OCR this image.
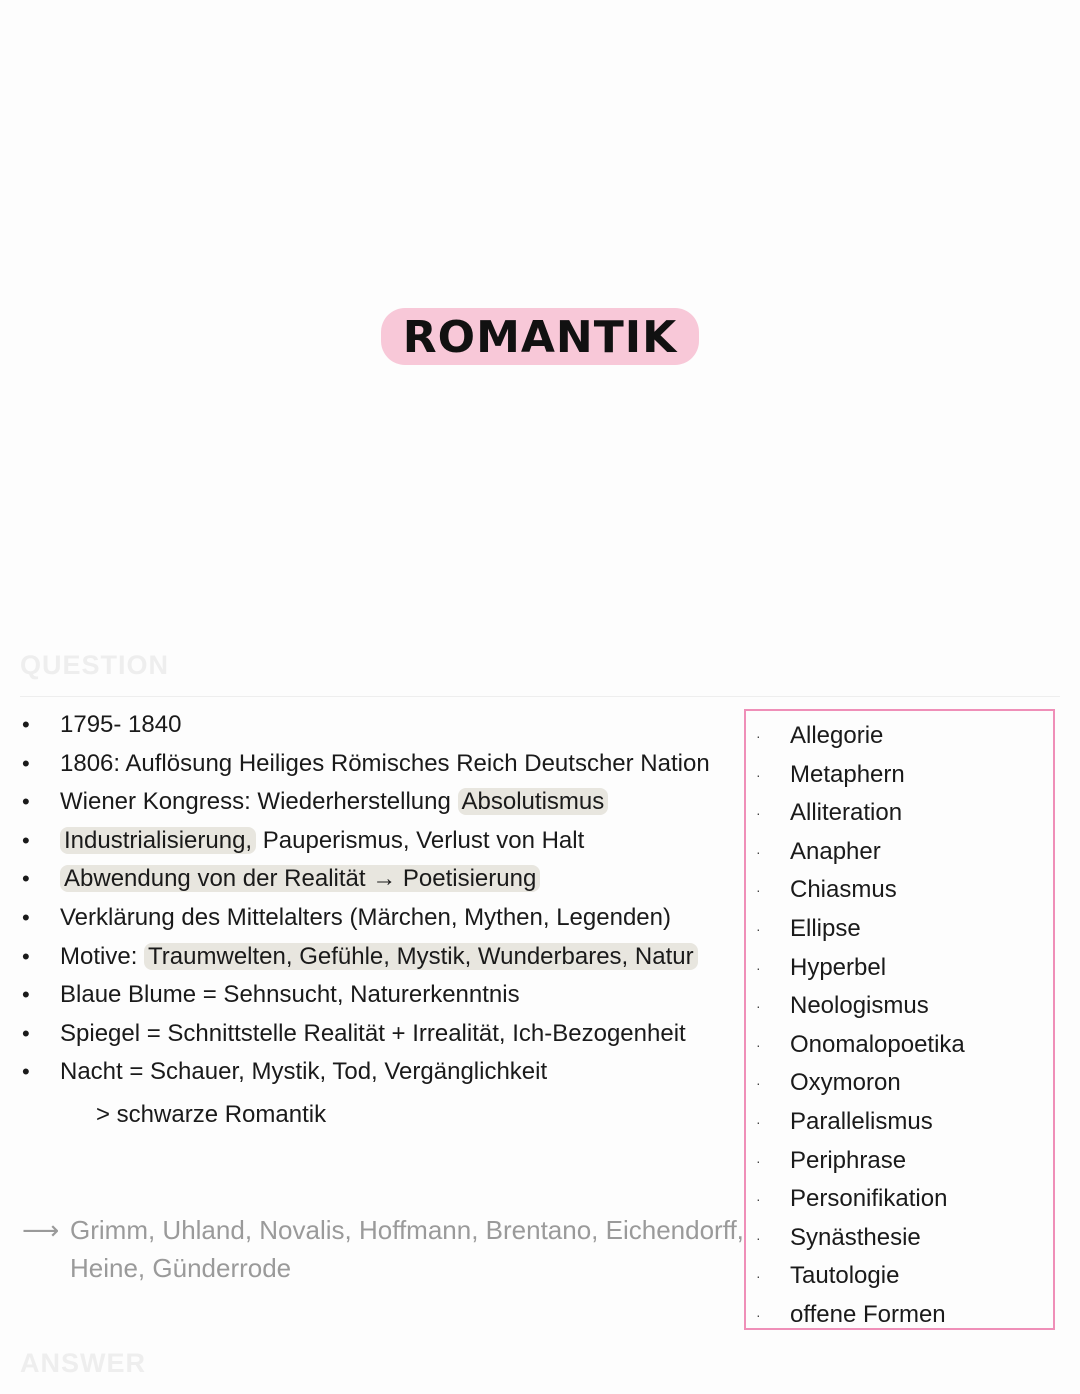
ROMANTIK
QUESTION
• 1795- 1840
• 1806: Auflösung Heiliges Römisches Reich Deutscher Nation
• Wiener Kongress: Wiederherstellung Absolutismus
• Industrialisierung, Pauperismus, Verlust von Halt
• Abwendung von der Realität → Poetisierung
• Verklärung des Mittelalters (Märchen, Mythen, Legenden)
• Motive: Traumwelten, Gefühle, Mystik, Wunderbares, Natur
• Blaue Blume = Sehnsucht, Naturerkenntnis
• Spiegel = Schnittstelle Realität + Irrealität, Ich-Bezogenheit
• Nacht = Schauer, Mystik, Tod, Vergänglichkeit
> schwarze Romantik
⟶ Grimm, Uhland, Novalis, Hoffmann, Brentano, Eichendorff,
Heine, Günderrode
· Allegorie
· Metaphern
· Alliteration
· Anapher
· Chiasmus
· Ellipse
· Hyperbel
· Neologismus
· Onomalopoetika
· Oxymoron
· Parallelismus
· Periphrase
· Personifikation
· Synästhesie
· Tautologie
· offene Formen
ANSWER
